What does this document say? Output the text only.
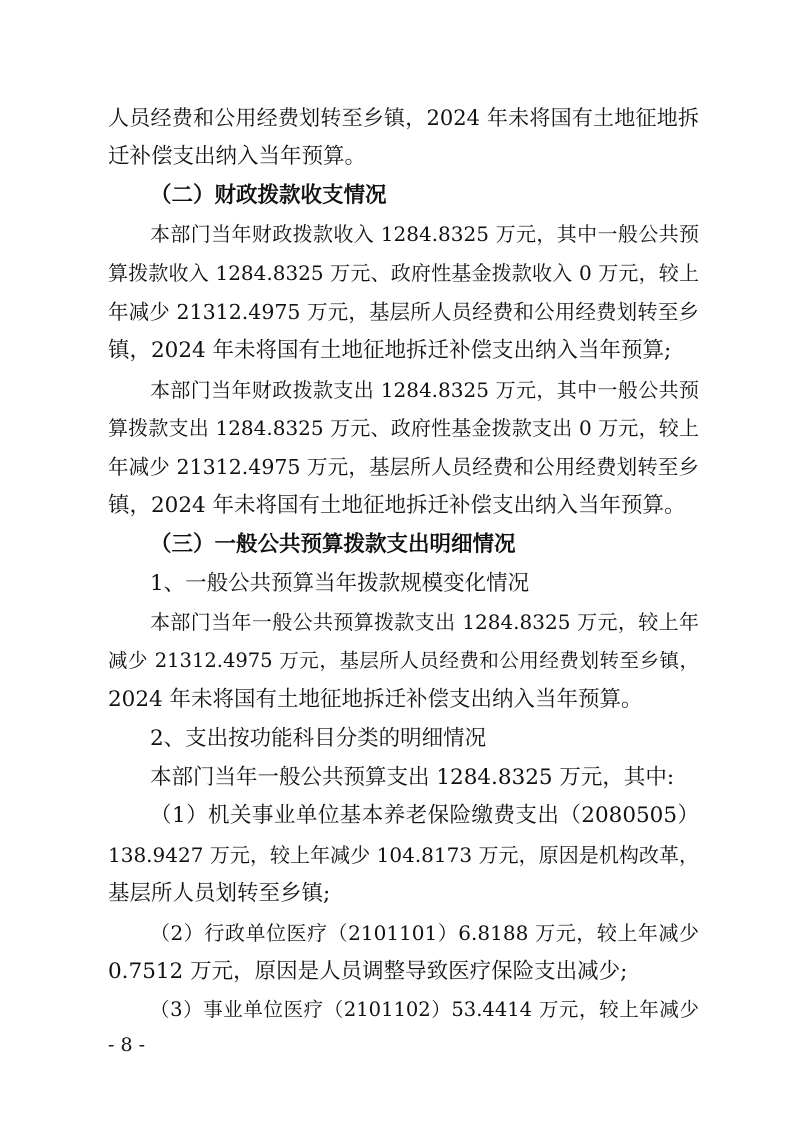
人员经费和公用经费划转至乡镇，2024 年未将国有土地征地拆
迁补偿支出纳入当年预算。
（二）财政拨款收支情况
本部门当年财政拨款收入 1284.8325 万元，其中一般公共预
算拨款收入 1284.8325 万元、政府性基金拨款收入 0 万元，较上
年减少 21312.4975 万元，基层所人员经费和公用经费划转至乡
镇，2024 年未将国有土地征地拆迁补偿支出纳入当年预算;
本部门当年财政拨款支出 1284.8325 万元，其中一般公共预
算拨款支出 1284.8325 万元、政府性基金拨款支出 0 万元，较上
年减少 21312.4975 万元，基层所人员经费和公用经费划转至乡
镇，2024 年未将国有土地征地拆迁补偿支出纳入当年预算。
（三）一般公共预算拨款支出明细情况
1、一般公共预算当年拨款规模变化情况
本部门当年一般公共预算拨款支出 1284.8325 万元，较上年
减少 21312.4975 万元，基层所人员经费和公用经费划转至乡镇，
2024 年未将国有土地征地拆迁补偿支出纳入当年预算。
2、支出按功能科目分类的明细情况
本部门当年一般公共预算支出 1284.8325 万元，其中:
（1）机关事业单位基本养老保险缴费支出（2080505）
138.9427 万元，较上年减少 104.8173 万元，原因是机构改革，
基层所人员划转至乡镇;
（2）行政单位医疗（2101101）6.8188 万元，较上年减少
0.7512 万元，原因是人员调整导致医疗保险支出减少;
（3）事业单位医疗（2101102）53.4414 万元，较上年减少
- 8 -
